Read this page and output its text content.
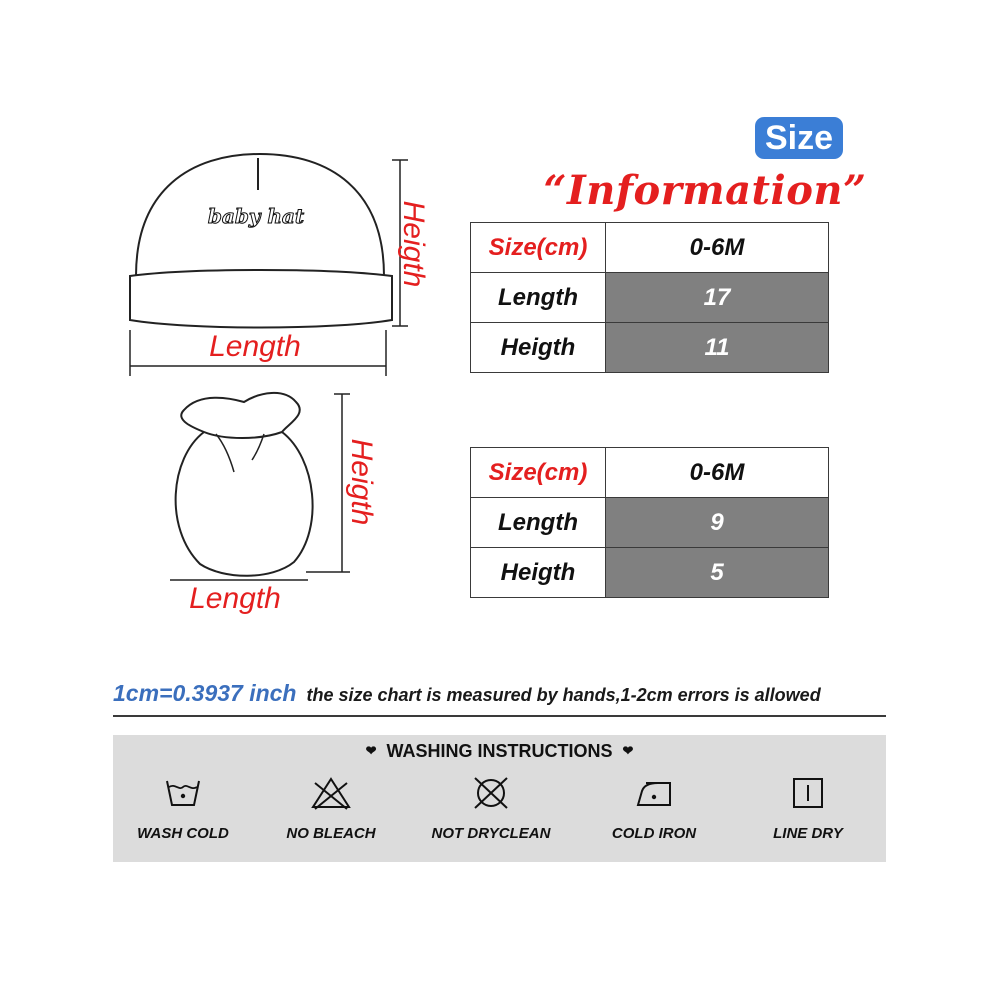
Size
“Information”
baby hat
Length
Heigth
Length
Heigth
Size(cm)	0-6M
Length	17
Heigth	11
Size(cm)	0-6M
Length	9
Heigth	5
1cm=0.3937 inch the size chart is measured by hands,1-2cm errors is allowed
❤ WASHING INSTRUCTIONS ❤
WASH COLD	NO BLEACH	NOT DRYCLEAN	COLD IRON	LINE DRY
